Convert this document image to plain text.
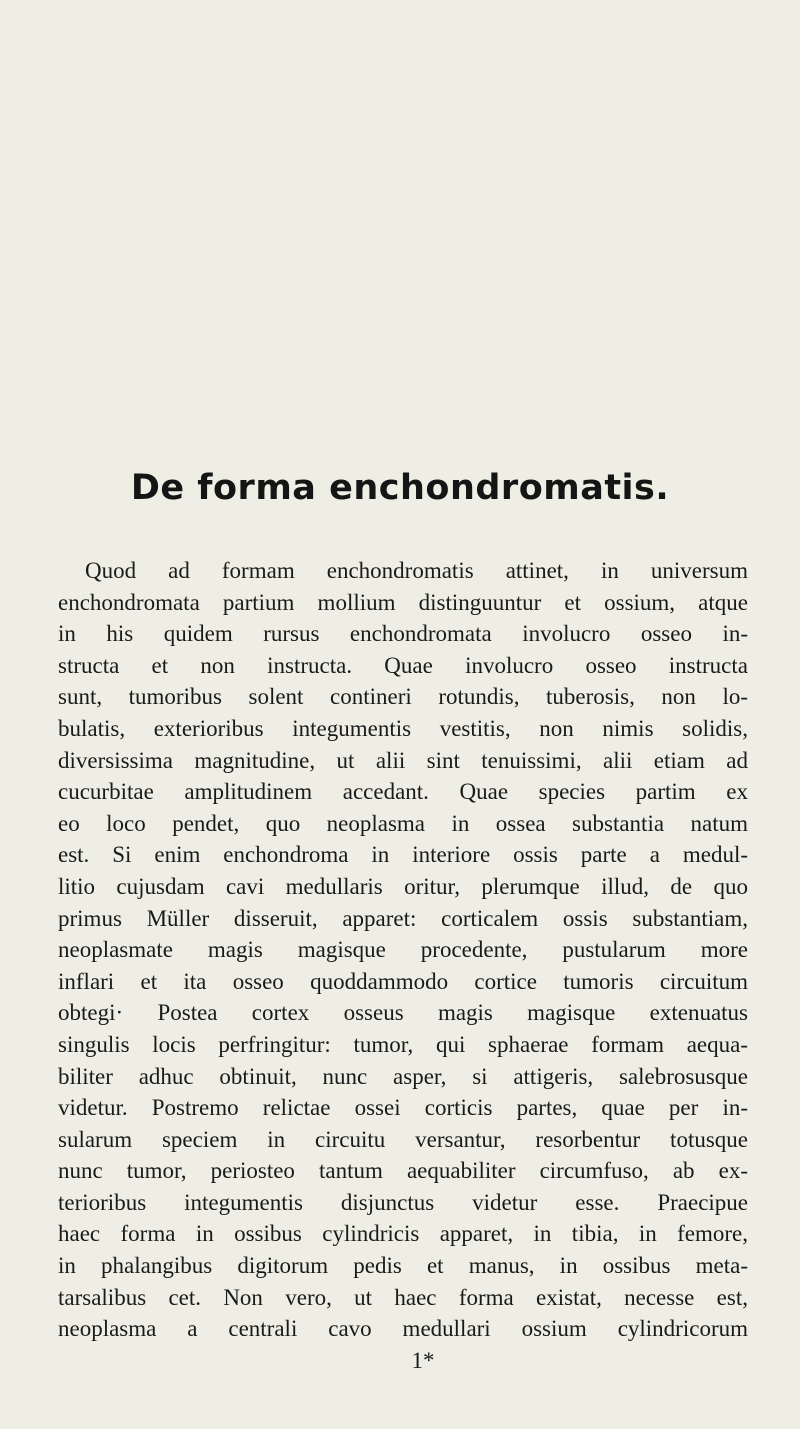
De forma enchondromatis.
Quod ad formam enchondromatis attinet, in universum
enchondromata partium mollium distinguuntur et ossium, atque
in his quidem rursus enchondromata involucro osseo in-
structa et non instructa. Quae involucro osseo instructa
sunt, tumoribus solent contineri rotundis, tuberosis, non lo-
bulatis, exterioribus integumentis vestitis, non nimis solidis,
diversissima magnitudine, ut alii sint tenuissimi, alii etiam ad
cucurbitae amplitudinem accedant. Quae species partim ex
eo loco pendet, quo neoplasma in ossea substantia natum
est. Si enim enchondroma in interiore ossis parte a medul-
litio cujusdam cavi medullaris oritur, plerumque illud, de quo
primus Müller disseruit, apparet: corticalem ossis substantiam,
neoplasmate magis magisque procedente, pustularum more
inflari et ita osseo quoddammodo cortice tumoris circuitum
obtegi· Postea cortex osseus magis magisque extenuatus
singulis locis perfringitur: tumor, qui sphaerae formam aequa-
biliter adhuc obtinuit, nunc asper, si attigeris, salebrosusque
videtur. Postremo relictae ossei corticis partes, quae per in-
sularum speciem in circuitu versantur, resorbentur totusque
nunc tumor, periosteo tantum aequabiliter circumfuso, ab ex-
terioribus integumentis disjunctus videtur esse. Praecipue
haec forma in ossibus cylindricis apparet, in tibia, in femore,
in phalangibus digitorum pedis et manus, in ossibus meta-
tarsalibus cet. Non vero, ut haec forma existat, necesse est,
neoplasma a centrali cavo medullari ossium cylindricorum
1*
